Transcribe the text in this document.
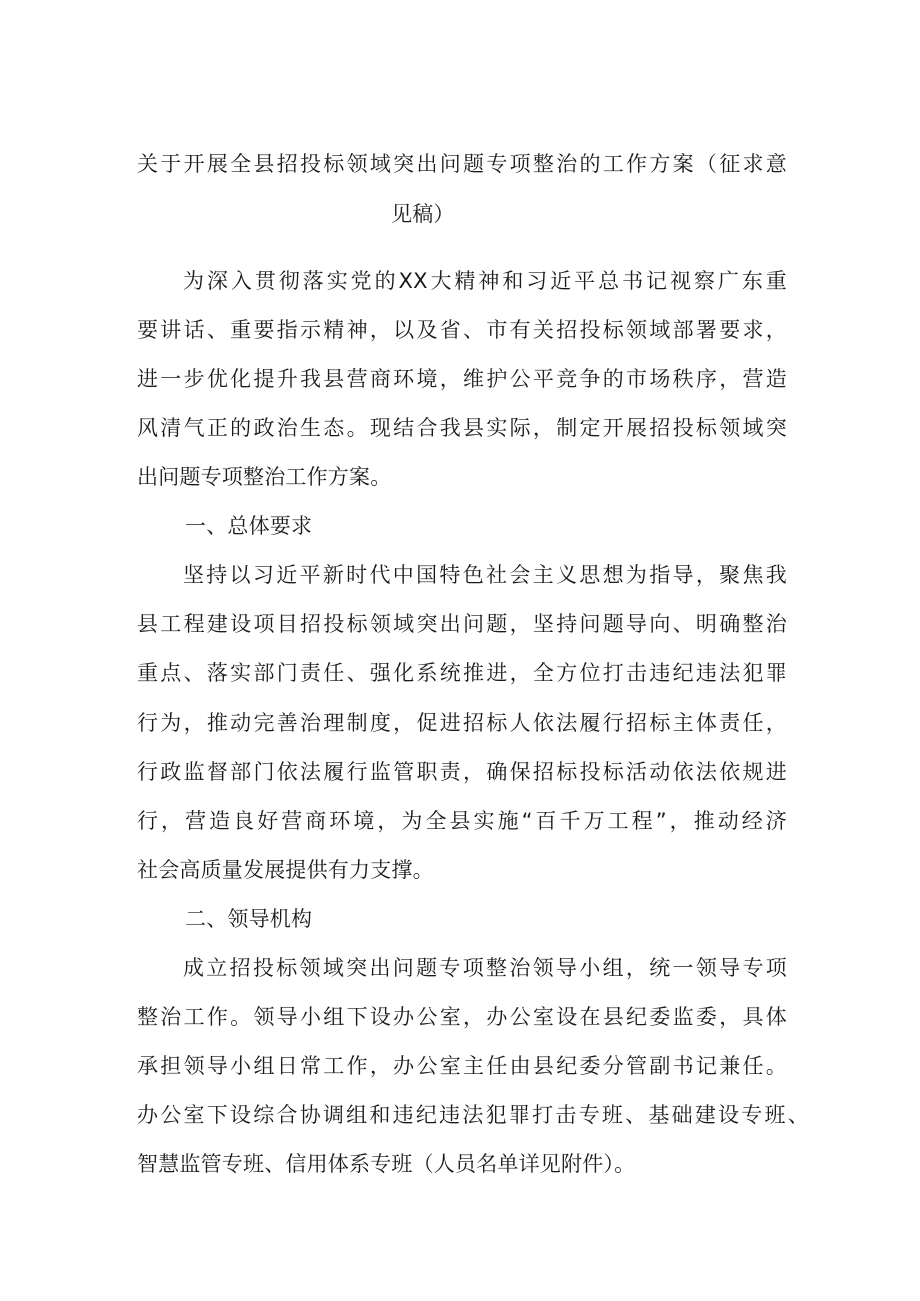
关于开展全县招投标领域突出问题专项整治的工作方案（征求意
见稿）
为深入贯彻落实党的XX大精神和习近平总书记视察广东重
要讲话、重要指示精神，以及省、市有关招投标领域部署要求，
进一步优化提升我县营商环境，维护公平竞争的市场秩序，营造
风清气正的政治生态。现结合我县实际，制定开展招投标领域突
出问题专项整治工作方案。
一、总体要求
坚持以习近平新时代中国特色社会主义思想为指导，聚焦我
县工程建设项目招投标领域突出问题，坚持问题导向、明确整治
重点、落实部门责任、强化系统推进，全方位打击违纪违法犯罪
行为，推动完善治理制度，促进招标人依法履行招标主体责任，
行政监督部门依法履行监管职责，确保招标投标活动依法依规进
行，营造良好营商环境，为全县实施“百千万工程”，推动经济
社会高质量发展提供有力支撑。
二、领导机构
成立招投标领域突出问题专项整治领导小组，统一领导专项
整治工作。领导小组下设办公室，办公室设在县纪委监委，具体
承担领导小组日常工作，办公室主任由县纪委分管副书记兼任。
办公室下设综合协调组和违纪违法犯罪打击专班、基础建设专班、
智慧监管专班、信用体系专班（人员名单详见附件）。
